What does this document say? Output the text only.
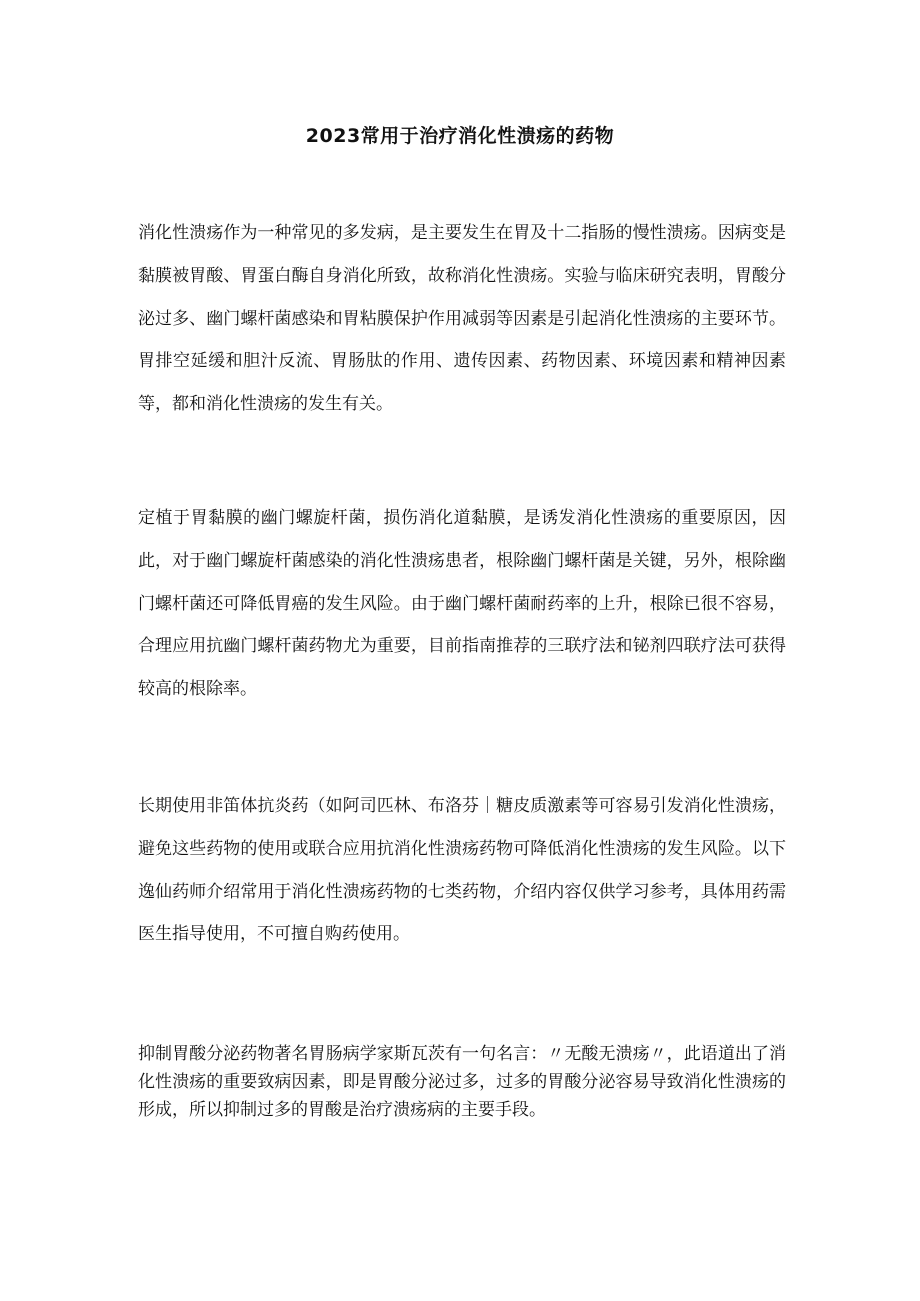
2023常用于治疗消化性溃疡的药物

消化性溃疡作为一种常见的多发病，是主要发生在胃及十二指肠的慢性溃疡。因病变是黏膜被胃酸、胃蛋白酶自身消化所致，故称消化性溃疡。实验与临床研究表明，胃酸分泌过多、幽门螺杆菌感染和胃粘膜保护作用减弱等因素是引起消化性溃疡的主要环节。胃排空延缓和胆汁反流、胃肠肽的作用、遗传因素、药物因素、环境因素和精神因素等，都和消化性溃疡的发生有关。

定植于胃黏膜的幽门螺旋杆菌，损伤消化道黏膜，是诱发消化性溃疡的重要原因，因此，对于幽门螺旋杆菌感染的消化性溃疡患者，根除幽门螺杆菌是关键，另外，根除幽门螺杆菌还可降低胃癌的发生风险。由于幽门螺杆菌耐药率的上升，根除已很不容易，合理应用抗幽门螺杆菌药物尤为重要，目前指南推荐的三联疗法和铋剂四联疗法可获得较高的根除率。

长期使用非笛体抗炎药（如阿司匹林、布洛芬｜糖皮质激素等可容易引发消化性溃疡，避免这些药物的使用或联合应用抗消化性溃疡药物可降低消化性溃疡的发生风险。以下逸仙药师介绍常用于消化性溃疡药物的七类药物，介绍内容仅供学习参考，具体用药需医生指导使用，不可擅自购药使用。

抑制胃酸分泌药物著名胃肠病学家斯瓦茨有一句名言：〃无酸无溃疡〃，此语道出了消化性溃疡的重要致病因素，即是胃酸分泌过多，过多的胃酸分泌容易导致消化性溃疡的形成，所以抑制过多的胃酸是治疗溃疡病的主要手段。
